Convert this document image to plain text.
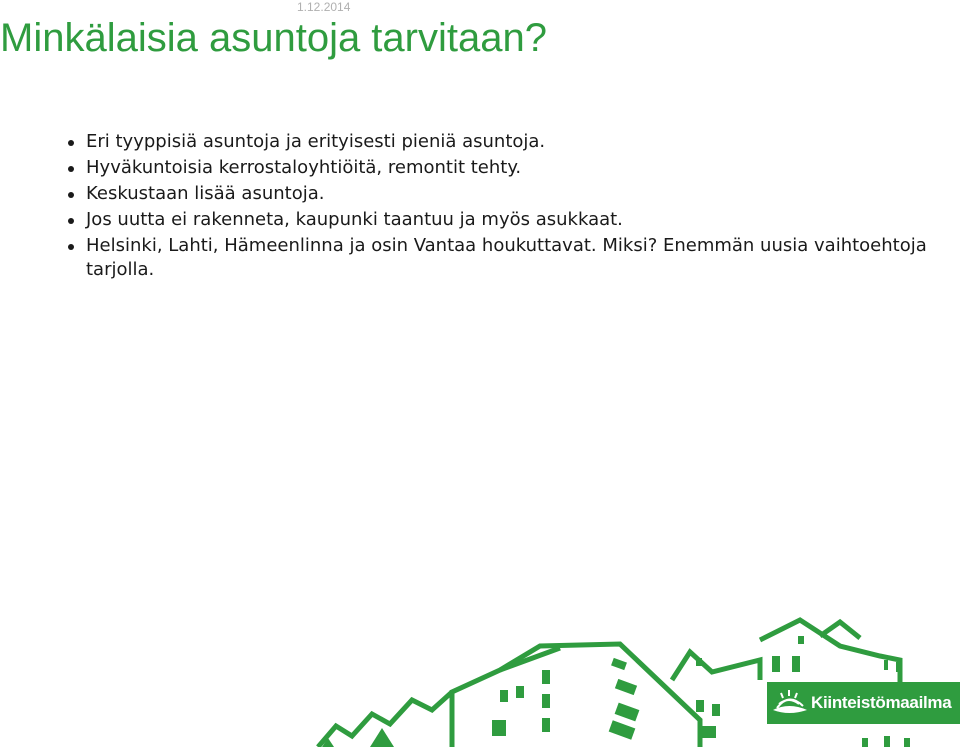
1.12.2014
Minkälaisia asuntoja tarvitaan?
Eri tyyppisiä asuntoja ja erityisesti pieniä asuntoja.
Hyväkuntoisia kerrostaloyhtiöitä, remontit tehty.
Keskustaan lisää asuntoja.
Jos uutta ei rakenneta, kaupunki taantuu ja myös asukkaat.
Helsinki, Lahti, Hämeenlinna ja osin Vantaa houkuttavat. Miksi? Enemmän uusia vaihtoehtoja tarjolla.
Kiinteistömaailma
